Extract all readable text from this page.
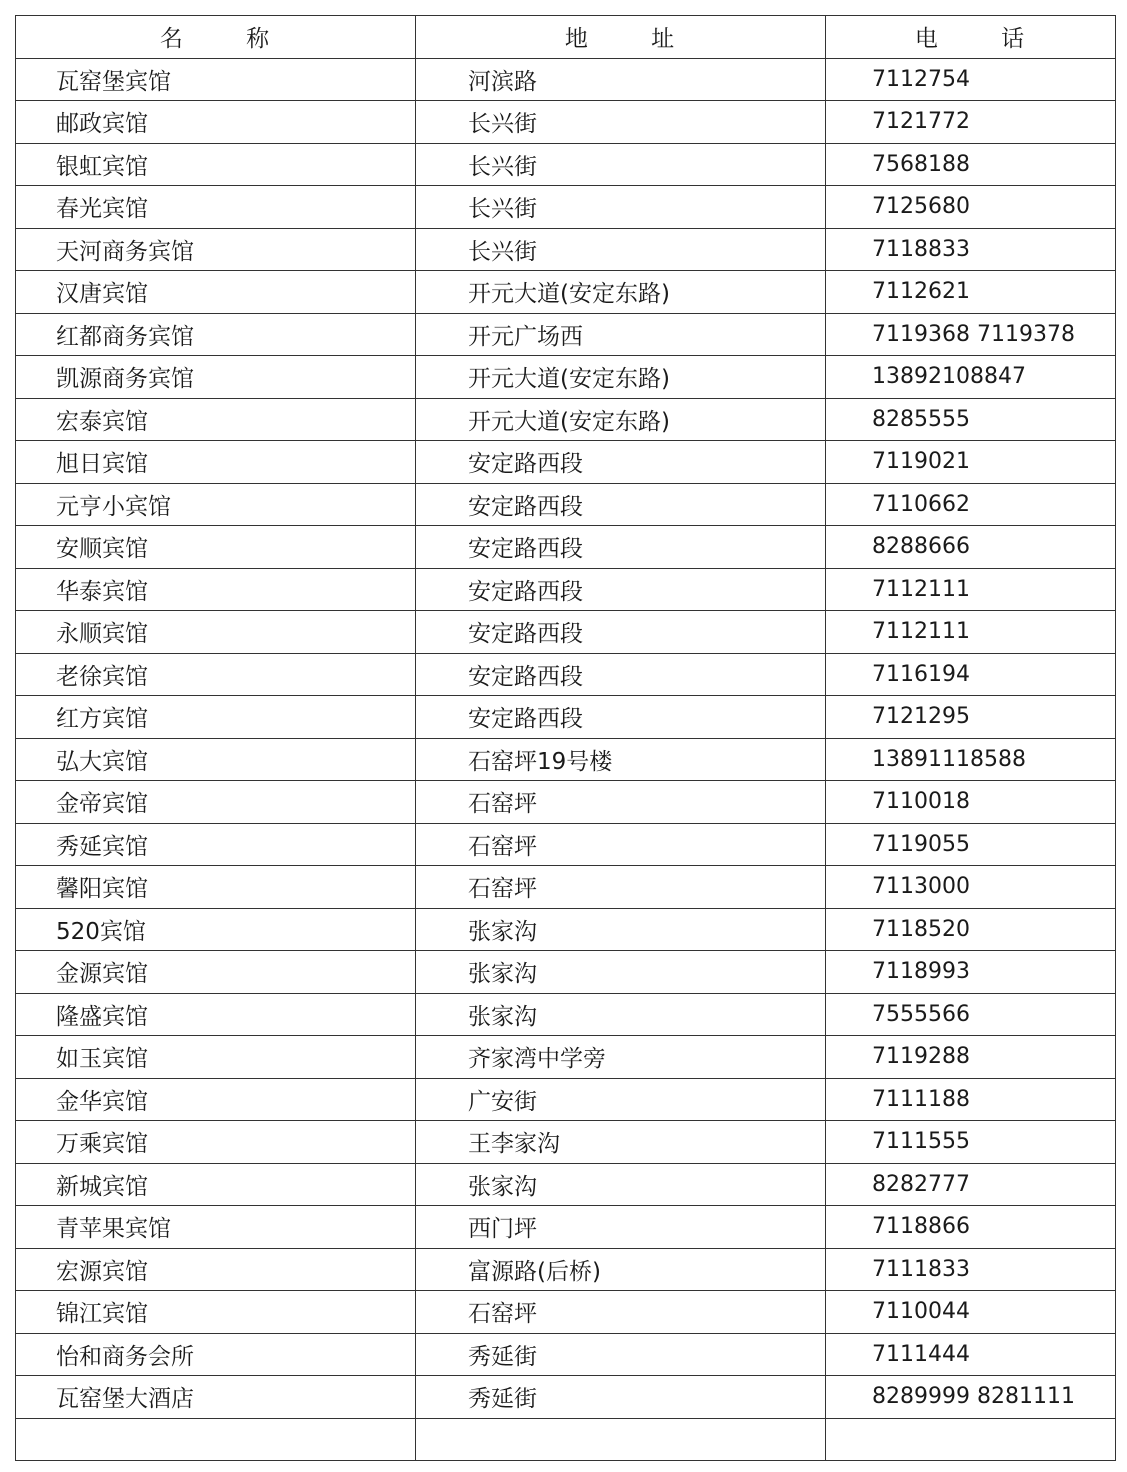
名 称	地 址	电 话
瓦窑堡宾馆	河滨路	7112754
邮政宾馆	长兴街	7121772
银虹宾馆	长兴街	7568188
春光宾馆	长兴街	7125680
天河商务宾馆	长兴街	7118833
汉唐宾馆	开元大道(安定东路)	7112621
红都商务宾馆	开元广场西	7119368 7119378
凯源商务宾馆	开元大道(安定东路)	13892108847
宏泰宾馆	开元大道(安定东路)	8285555
旭日宾馆	安定路西段	7119021
元亨小宾馆	安定路西段	7110662
安顺宾馆	安定路西段	8288666
华泰宾馆	安定路西段	7112111
永顺宾馆	安定路西段	7112111
老徐宾馆	安定路西段	7116194
红方宾馆	安定路西段	7121295
弘大宾馆	石窑坪19号楼	13891118588
金帝宾馆	石窑坪	7110018
秀延宾馆	石窑坪	7119055
馨阳宾馆	石窑坪	7113000
520宾馆	张家沟	7118520
金源宾馆	张家沟	7118993
隆盛宾馆	张家沟	7555566
如玉宾馆	齐家湾中学旁	7119288
金华宾馆	广安街	7111188
万乘宾馆	王李家沟	7111555
新城宾馆	张家沟	8282777
青苹果宾馆	西门坪	7118866
宏源宾馆	富源路(后桥)	7111833
锦江宾馆	石窑坪	7110044
怡和商务会所	秀延街	7111444
瓦窑堡大酒店	秀延街	8289999 8281111
